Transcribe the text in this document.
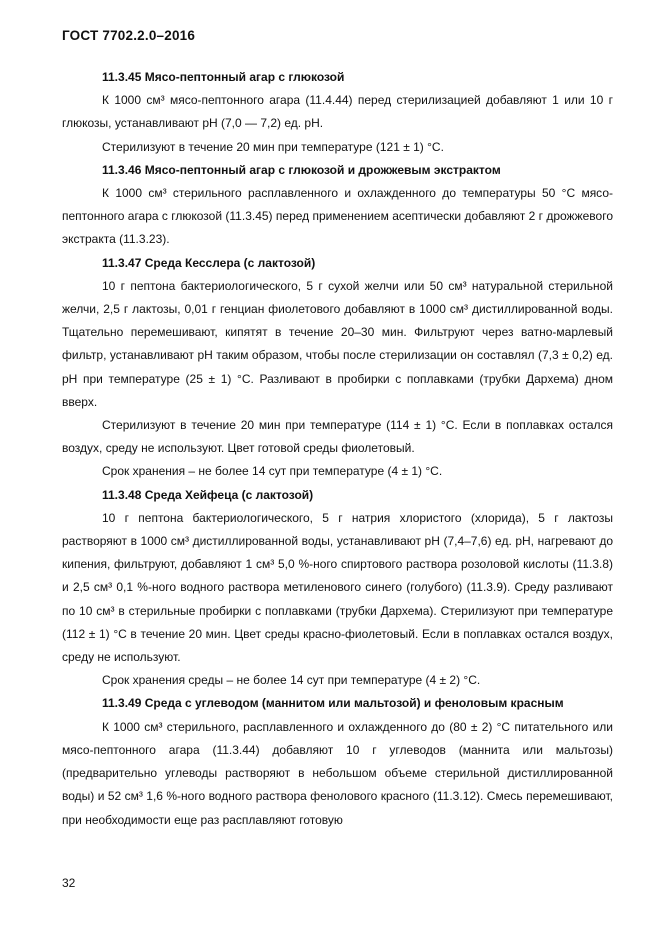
ГОСТ 7702.2.0–2016

11.3.45 Мясо-пептонный агар с глюкозой

К 1000 см³ мясо-пептонного агара (11.4.44) перед стерилизацией добавляют 1 или 10 г глюкозы, устанавливают pH (7,0 — 7,2) ед. pH.

Стерилизуют в течение 20 мин при температуре (121 ± 1) °С.

11.3.46 Мясо-пептонный агар с глюкозой и дрожжевым экстрактом

К 1000 см³ стерильного расплавленного и охлажденного до температуры 50 °С мясо-пептонного агара с глюкозой (11.3.45) перед применением асептически добавляют 2 г дрожжевого экстракта (11.3.23).

11.3.47 Среда Кесслера (с лактозой)

10 г пептона бактериологического, 5 г сухой желчи или 50 см³ натуральной стерильной желчи, 2,5 г лактозы, 0,01 г генциан фиолетового добавляют в 1000 см³ дистиллированной воды. Тщательно перемешивают, кипятят в течение 20–30 мин. Фильтруют через ватно-марлевый фильтр, устанавливают pH таким образом, чтобы после стерилизации он составлял (7,3 ± 0,2) ед. pH при температуре (25 ± 1) °С. Разливают в пробирки с поплавками (трубки Дархема) дном вверх.

Стерилизуют в течение 20 мин при температуре (114 ± 1) °С. Если в поплавках остался воздух, среду не используют. Цвет готовой среды фиолетовый.

Срок хранения – не более 14 сут при температуре (4 ± 1) °С.

11.3.48 Среда Хейфеца (с лактозой)

10 г пептона бактериологического, 5 г натрия хлористого (хлорида), 5 г лактозы растворяют в 1000 см³ дистиллированной воды, устанавливают pH (7,4–7,6) ед. pH, нагревают до кипения, фильтруют, добавляют 1 см³ 5,0 %-ного спиртового раствора розоловой кислоты (11.3.8) и 2,5 см³ 0,1 %-ного водного раствора метиленового синего (голубого) (11.3.9). Среду разливают по 10 см³ в стерильные пробирки с поплавками (трубки Дархема). Стерилизуют при температуре (112 ± 1) °С в течение 20 мин. Цвет среды красно-фиолетовый. Если в поплавках остался воздух, среду не используют.

Срок хранения среды – не более 14 сут при температуре (4 ± 2) °С.

11.3.49 Среда с углеводом (маннитом или мальтозой) и феноловым красным

К 1000 см³ стерильного, расплавленного и охлажденного до (80 ± 2) °С питательного или мясо-пептонного агара (11.3.44) добавляют 10 г углеводов (маннита или мальтозы) (предварительно углеводы растворяют в небольшом объеме стерильной дистиллированной воды) и 52 см³ 1,6 %-ного водного раствора фенолового красного (11.3.12). Смесь перемешивают, при необходимости еще раз расплавляют готовую

32
